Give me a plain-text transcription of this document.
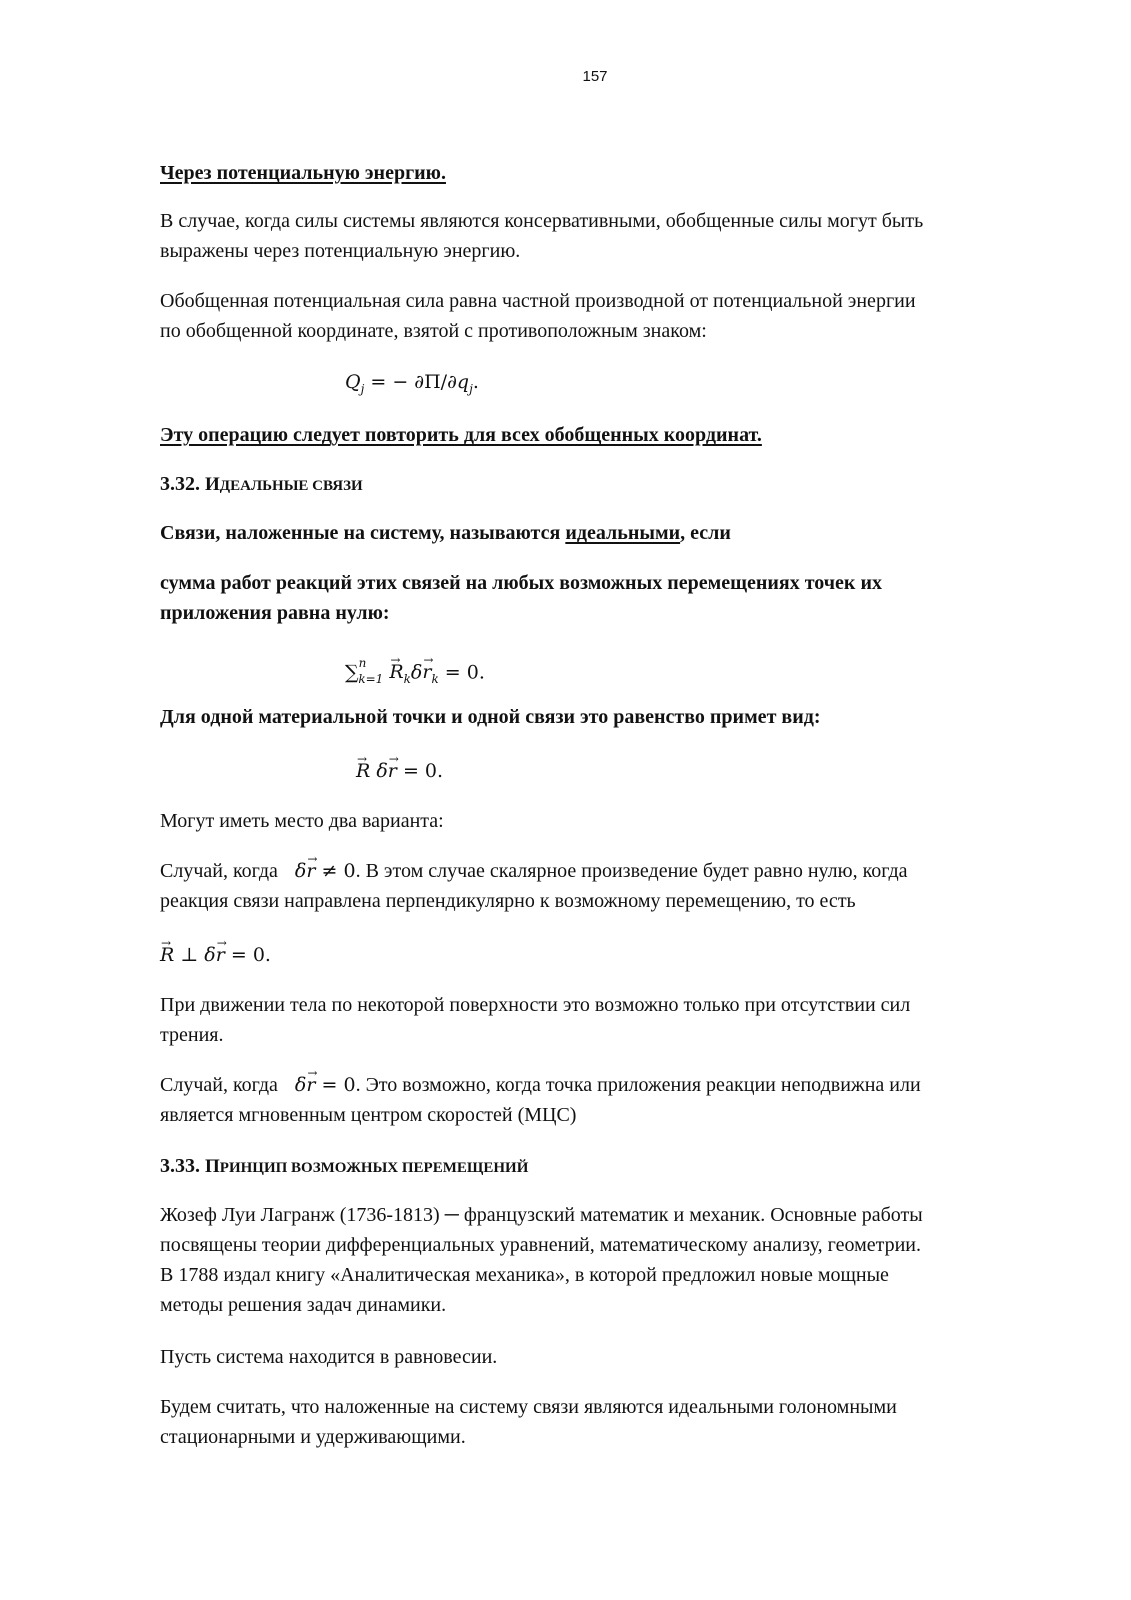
157
Через потенциальную энергию.
В случае, когда силы системы являются консервативными, обобщенные силы могут быть
выражены через потенциальную энергию.
Обобщенная потенциальная сила равна частной производной от потенциальной энергии
по обобщенной координате, взятой с противоположным знаком:
$Q_j$ = − $\partial П/\partial q_j$.
Эту операцию следует повторить для всех обобщенных координат.
3.32. ИДЕАЛЬНЫЕ СВЯЗИ
Связи, наложенные на систему, называются идеальными, если
сумма работ реакций этих связей на любых возможных перемещениях точек их
приложения равна нулю:
$\sum^n_{k=1} \to R_k\delta\to r_k = 0$.
Для одной материальной точки и одной связи это равенство примет вид:
→ R δ→ r = 0.
Могут иметь место два варианта:
Случай, когда δ→ r ≠ 0. В этом случае скалярное произведение будет равно нулю, когда
реакция связи направлена перпендикулярно к возможному перемещению, то есть
→ R ⊥ δ→ r = 0.
При движении тела по некоторой поверхности это возможно только при отсутствии сил
трения.
Случай, когда δ→ r = 0. Это возможно, когда точка приложения реакции неподвижна или
является мгновенным центром скоростей (МЦС)
3.33. ПРИНЦИП ВОЗМОЖНЫХ ПЕРЕМЕЩЕНИЙ
Жозеф Луи Лагранж (1736-1813) ─ французский математик и механик. Основные работы
посвящены теории дифференциальных уравнений, математическому анализу, геометрии.
В 1788 издал книгу «Аналитическая механика», в которой предложил новые мощные
методы решения задач динамики.
Пусть система находится в равновесии.
Будем считать, что наложенные на систему связи являются идеальными голономными
стационарными и удерживающими.
